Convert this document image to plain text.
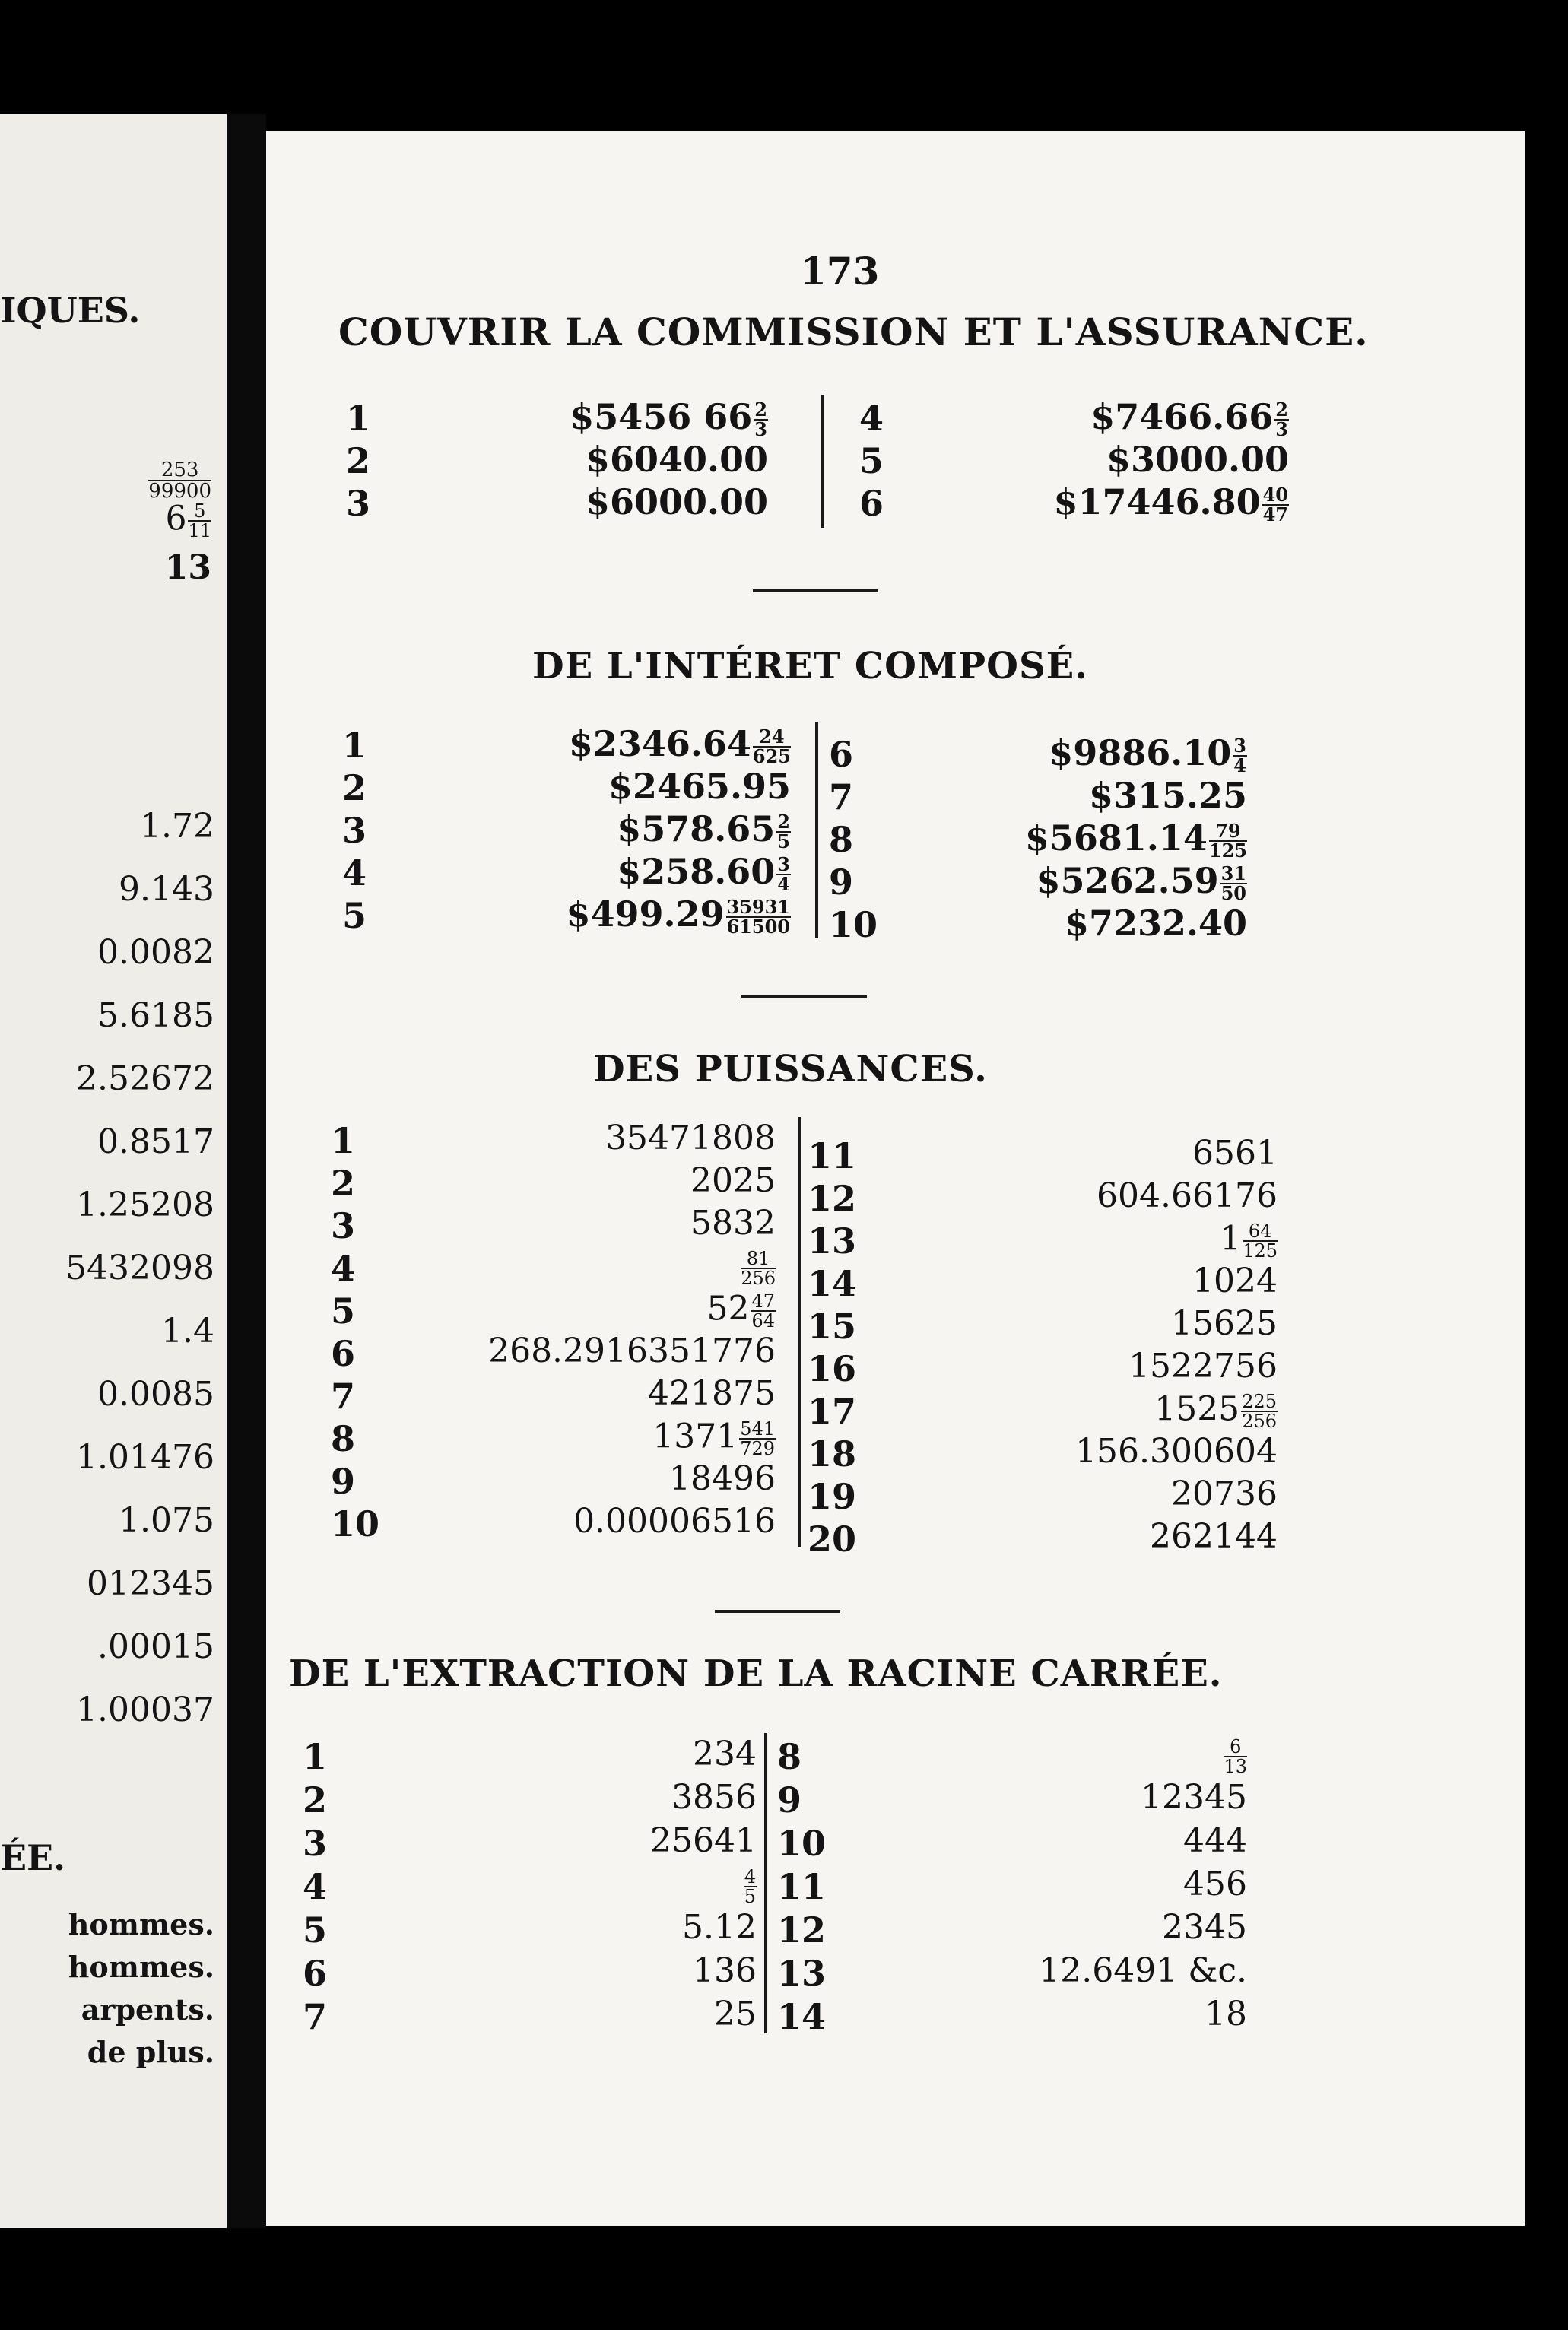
IQUES.
$\frac{253}{99900}$
$6 \frac{5}{11}$
13
1.72
9.143
0.0082
5.6185
2.52672
0.8517
1.25208
5432098
1.4
0.0085
1.01476
1.075
012345
.00015
1.00037
ÉE.
hommes.
hommes.
arpents.
de plus.
173
COUVRIR LA COMMISSION ET L'ASSURANCE.
1	$5456 $66 \frac{2}{3}$
2	$6040.00
3	$6000.00
4	$7466.66 $\frac{2}{3}$
5	$3000.00
6	$17446.80 $\frac{40}{47}$
DE L'INTÉRET COMPOSÉ.
1	$2346.64 $\frac{24}{625}$
2	$2465.95
3	$578.65 $\frac{2}{5}$
4	$258.60 $\frac{3}{4}$
5	$499.29 $\frac{35931}{61500}$
6	$9886.10 $\frac{3}{4}$
7	$315.25
8	$5681.14 $\frac{79}{125}$
9	$5262.59 $\frac{31}{50}$
10	$7232.40
DES PUISSANCES.
1	35471808
2	2025
3	5832
4	$\frac{81}{256}$
5	$52 \frac{47}{64}$
6	268.2916351776
7	421875
8	$1371 \frac{541}{729}$
9	18496
10	0.00006516
11	6561
12	604.66176
13	$1 \frac{64}{125}$
14	1024
15	15625
16	1522756
17	$1525 \frac{225}{256}$
18	156.300604
19	20736
20	262144
DE L'EXTRACTION DE LA RACINE CARRÉE.
1	234
2	3856
3	25641
4	$\frac{4}{5}$
5	5.12
6	136
7	25
8	$\frac{6}{13}$
9	12345
10	444
11	456
12	2345
13	12.6491 &c.
14	18
